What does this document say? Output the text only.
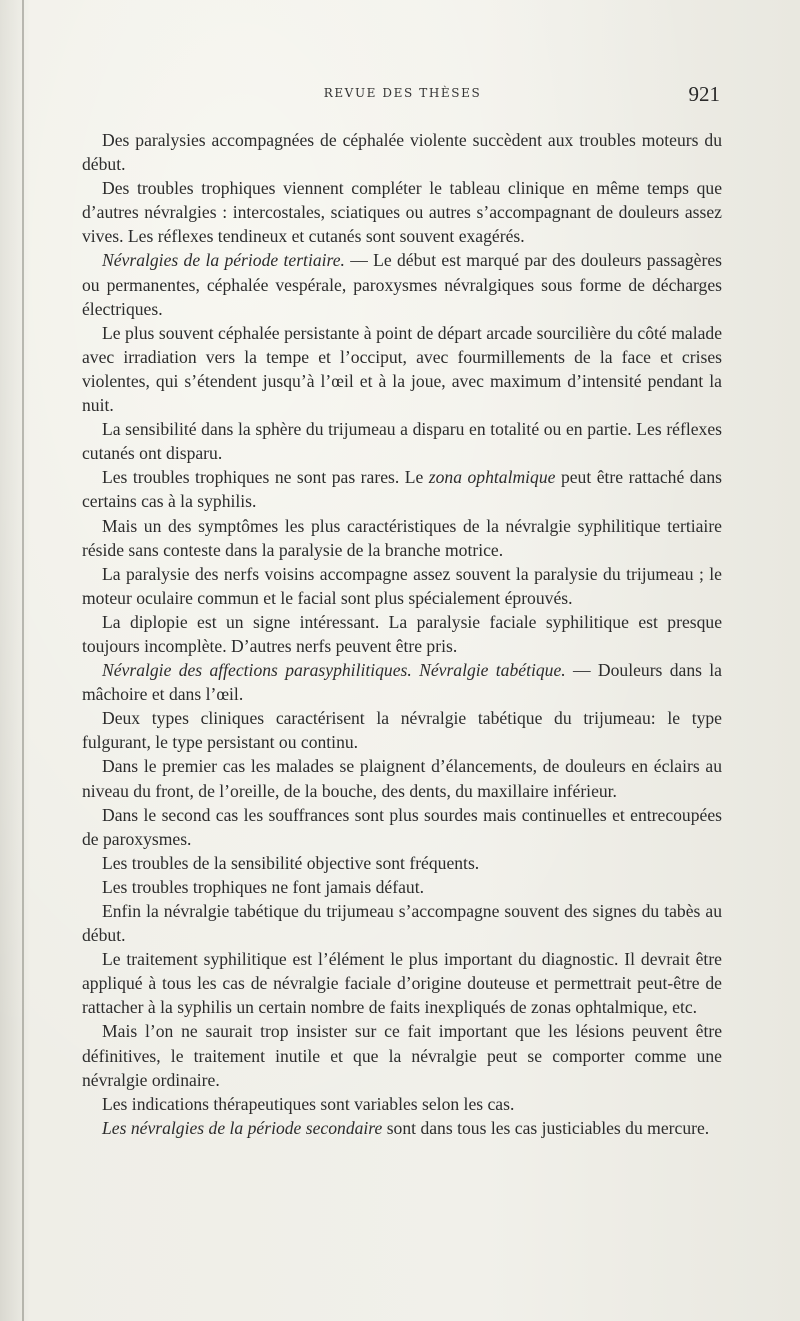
REVUE DES THÈSES	921

Des paralysies accompagnées de céphalée violente succèdent aux troubles moteurs du début.

Des troubles trophiques viennent compléter le tableau clinique en même temps que d’autres névralgies : intercostales, sciatiques ou autres s’accompagnant de douleurs assez vives. Les réflexes tendineux et cutanés sont souvent exagérés.

Névralgies de la période tertiaire. — Le début est marqué par des douleurs passagères ou permanentes, céphalée vespérale, paroxysmes névralgiques sous forme de décharges électriques.

Le plus souvent céphalée persistante à point de départ arcade sourcilière du côté malade avec irradiation vers la tempe et l’occiput, avec fourmillements de la face et crises violentes, qui s’étendent jusqu’à l’œil et à la joue, avec maximum d’intensité pendant la nuit.

La sensibilité dans la sphère du trijumeau a disparu en totalité ou en partie. Les réflexes cutanés ont disparu.

Les troubles trophiques ne sont pas rares. Le zona ophtalmique peut être rattaché dans certains cas à la syphilis.

Mais un des symptômes les plus caractéristiques de la névralgie syphilitique tertiaire réside sans conteste dans la paralysie de la branche motrice.

La paralysie des nerfs voisins accompagne assez souvent la paralysie du trijumeau ; le moteur oculaire commun et le facial sont plus spécialement éprouvés.

La diplopie est un signe intéressant. La paralysie faciale syphilitique est presque toujours incomplète. D’autres nerfs peuvent être pris.

Névralgie des affections parasyphilitiques. Névralgie tabétique. — Douleurs dans la mâchoire et dans l’œil.

Deux types cliniques caractérisent la névralgie tabétique du trijumeau: le type fulgurant, le type persistant ou continu.

Dans le premier cas les malades se plaignent d’élancements, de douleurs en éclairs au niveau du front, de l’oreille, de la bouche, des dents, du maxillaire inférieur.

Dans le second cas les souffrances sont plus sourdes mais continuelles et entrecoupées de paroxysmes.

Les troubles de la sensibilité objective sont fréquents.

Les troubles trophiques ne font jamais défaut.

Enfin la névralgie tabétique du trijumeau s’accompagne souvent des signes du tabès au début.

Le traitement syphilitique est l’élément le plus important du diagnostic. Il devrait être appliqué à tous les cas de névralgie faciale d’origine douteuse et permettrait peut-être de rattacher à la syphilis un certain nombre de faits inexpliqués de zonas ophtalmique, etc.

Mais l’on ne saurait trop insister sur ce fait important que les lésions peuvent être définitives, le traitement inutile et que la névralgie peut se comporter comme une névralgie ordinaire.

Les indications thérapeutiques sont variables selon les cas.

Les névralgies de la période secondaire sont dans tous les cas justiciables du mercure.
